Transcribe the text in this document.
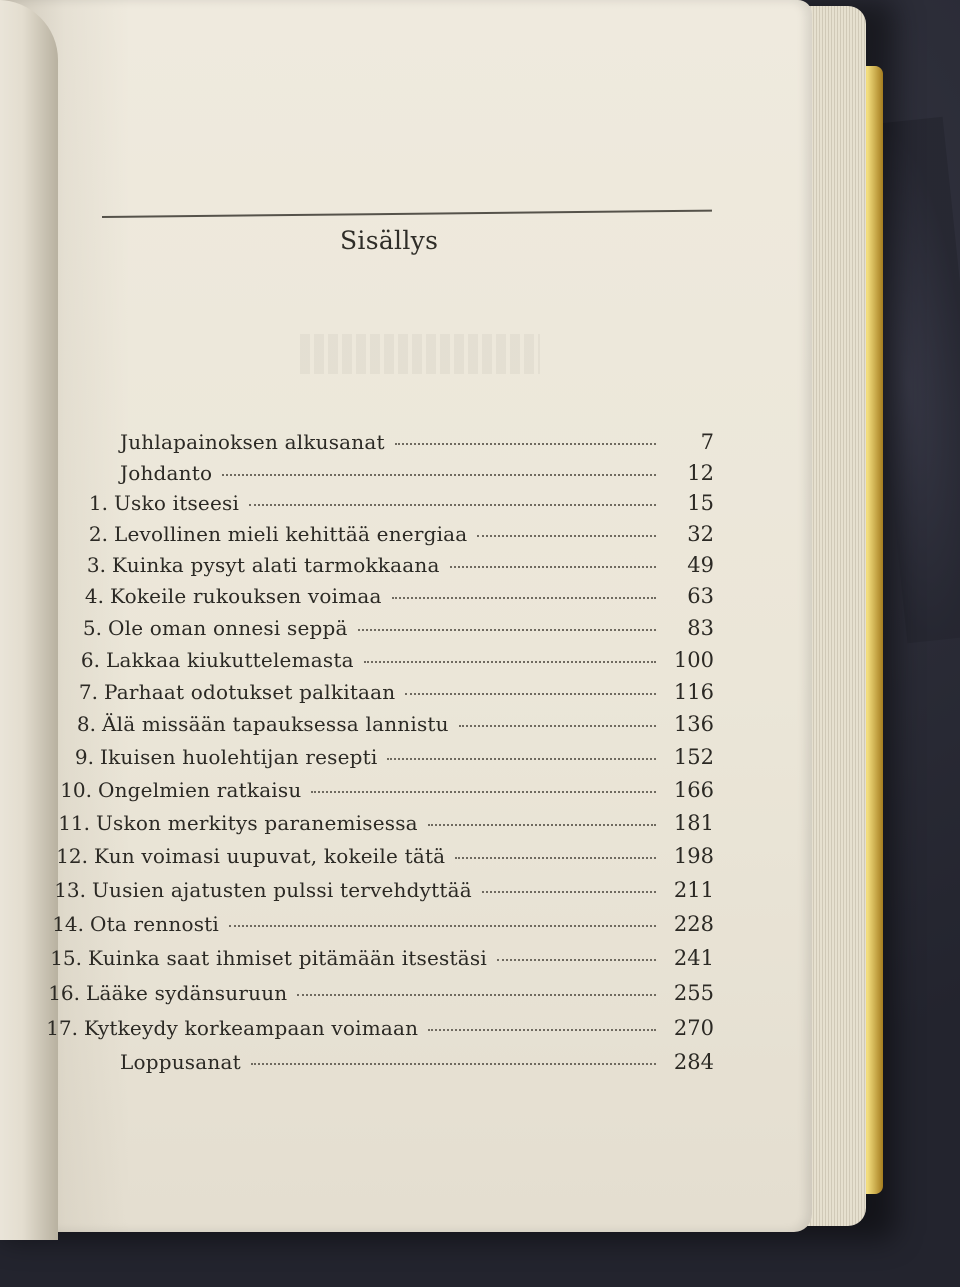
Sisällys
Juhlapainoksen alkusanat	7
Johdanto	12
1. Usko itseesi	15
2. Levollinen mieli kehittää energiaa	32
3. Kuinka pysyt alati tarmokkaana	49
4. Kokeile rukouksen voimaa	63
5. Ole oman onnesi seppä	83
6. Lakkaa kiukuttelemasta	100
7. Parhaat odotukset palkitaan	116
8. Älä missään tapauksessa lannistu	136
9. Ikuisen huolehtijan resepti	152
10. Ongelmien ratkaisu	166
11. Uskon merkitys paranemisessa	181
12. Kun voimasi uupuvat, kokeile tätä	198
13. Uusien ajatusten pulssi tervehdyttää	211
14. Ota rennosti	228
15. Kuinka saat ihmiset pitämään itsestäsi	241
16. Lääke sydänsuruun	255
17. Kytkeydy korkeampaan voimaan	270
Loppusanat	284
